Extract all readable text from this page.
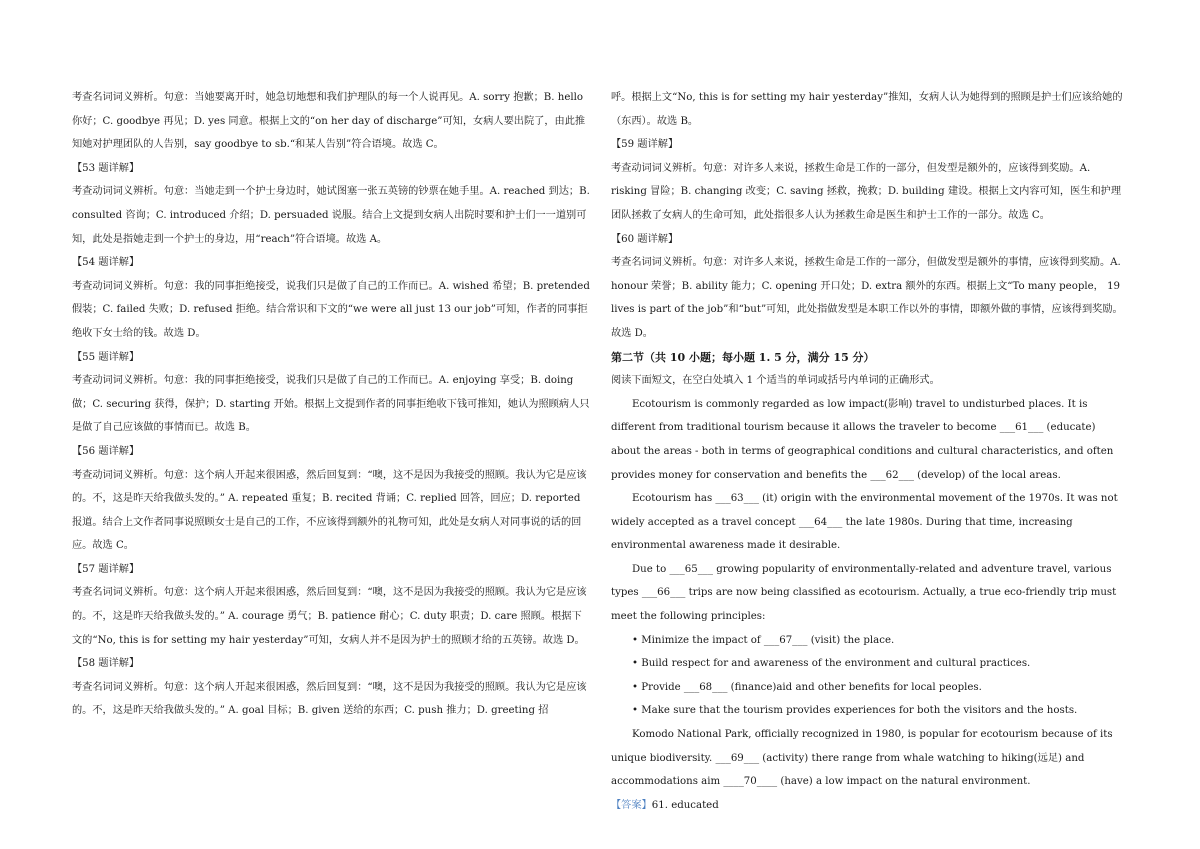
考查名词词义辨析。句意：当她要离开时，她急切地想和我们护理队的每一个人说再见。A. sorry 抱歉；B. hello 你好；C. goodbye 再见；D. yes 同意。根据上文的“on her day of discharge”可知，女病人要出院了，由此推知她对护理团队的人告别，say goodbye to sb.“和某人告别”符合语境。故选 C。

【53 题详解】

考查动词词义辨析。句意：当她走到一个护士身边时，她试图塞一张五英镑的钞票在她手里。A. reached 到达；B. consulted 咨询；C. introduced 介绍；D. persuaded 说服。结合上文提到女病人出院时要和护士们一一道别可知，此处是指她走到一个护士的身边，用“reach”符合语境。故选 A。

【54 题详解】

考查动词词义辨析。句意：我的同事拒绝接受，说我们只是做了自己的工作而已。A. wished 希望；B. pretended 假装；C. failed 失败；D. refused 拒绝。结合常识和下文的“we were all just 13 our job”可知，作者的同事拒绝收下女士给的钱。故选 D。

【55 题详解】

考查动词词义辨析。句意：我的同事拒绝接受，说我们只是做了自己的工作而已。A. enjoying 享受；B. doing 做；C. securing 获得，保护；D. starting 开始。根据上文提到作者的同事拒绝收下钱可推知，她认为照顾病人只是做了自己应该做的事情而已。故选 B。

【56 题详解】

考查动词词义辨析。句意：这个病人开起来很困惑，然后回复到：“噢，这不是因为我接受的照顾。我认为它是应该的。不，这是昨天给我做头发的。” A. repeated 重复；B. recited 背诵；C. replied 回答，回应；D. reported 报道。结合上文作者同事说照顾女士是自己的工作，不应该得到额外的礼物可知，此处是女病人对同事说的话的回应。故选 C。

【57 题详解】

考查名词词义辨析。句意：这个病人开起来很困惑，然后回复到：“噢，这不是因为我接受的照顾。我认为它是应该的。不，这是昨天给我做头发的。” A. courage 勇气；B. patience 耐心；C. duty 职责；D. care 照顾。根据下文的“No, this is for setting my hair yesterday”可知，女病人并不是因为护士的照顾才给的五英镑。故选 D。

【58 题详解】

考查名词词义辨析。句意：这个病人开起来很困惑，然后回复到：“噢，这不是因为我接受的照顾。我认为它是应该的。不，这是昨天给我做头发的。” A. goal 目标；B. given 送给的东西；C. push 推力；D. greeting 招

呼。根据上文“No, this is for setting my hair yesterday”推知，女病人认为她得到的照顾是护士们应该给她的（东西）。故选 B。

【59 题详解】

考查动词词义辨析。句意：对许多人来说，拯救生命是工作的一部分，但发型是额外的，应该得到奖励。A. risking 冒险；B. changing 改变；C. saving 拯救，挽救；D. building 建设。根据上文内容可知，医生和护理团队拯救了女病人的生命可知，此处指很多人认为拯救生命是医生和护士工作的一部分。故选 C。

【60 题详解】

考查名词词义辨析。句意：对许多人来说，拯救生命是工作的一部分，但做发型是额外的事情，应该得到奖励。A. honour 荣誉；B. ability 能力；C. opening 开口处；D. extra 额外的东西。根据上文“To many people， 19 lives is part of the job”和“but”可知，此处指做发型是本职工作以外的事情，即额外做的事情，应该得到奖励。故选 D。

第二节（共 10 小题；每小题 1. 5 分，满分 15 分）

阅读下面短文，在空白处填入 1 个适当的单词或括号内单词的正确形式。

Ecotourism is commonly regarded as low impact(影响) travel to undisturbed places. It is different from traditional tourism because it allows the traveler to become ___61___ (educate) about the areas - both in terms of geographical conditions and cultural characteristics, and often provides money for conservation and benefits the ___62___ (develop) of the local areas.

Ecotourism has ___63___ (it) origin with the environmental movement of the 1970s. It was not widely accepted as a travel concept ___64___ the late 1980s. During that time, increasing environmental awareness made it desirable.

Due to ___65___ growing popularity of environmentally-related and adventure travel, various types ___66___ trips are now being classified as ecotourism. Actually, a true eco-friendly trip must meet the following principles:

• Minimize the impact of ___67___ (visit) the place.

• Build respect for and awareness of the environment and cultural practices.

• Provide ___68___ (finance)aid and other benefits for local peoples.

• Make sure that the tourism provides experiences for both the visitors and the hosts.

Komodo National Park, officially recognized in 1980, is popular for ecotourism because of its unique biodiversity. ___69___ (activity) there range from whale watching to hiking(远足) and accommodations aim ____70____ (have) a low impact on the natural environment.

【答案】61. educated
